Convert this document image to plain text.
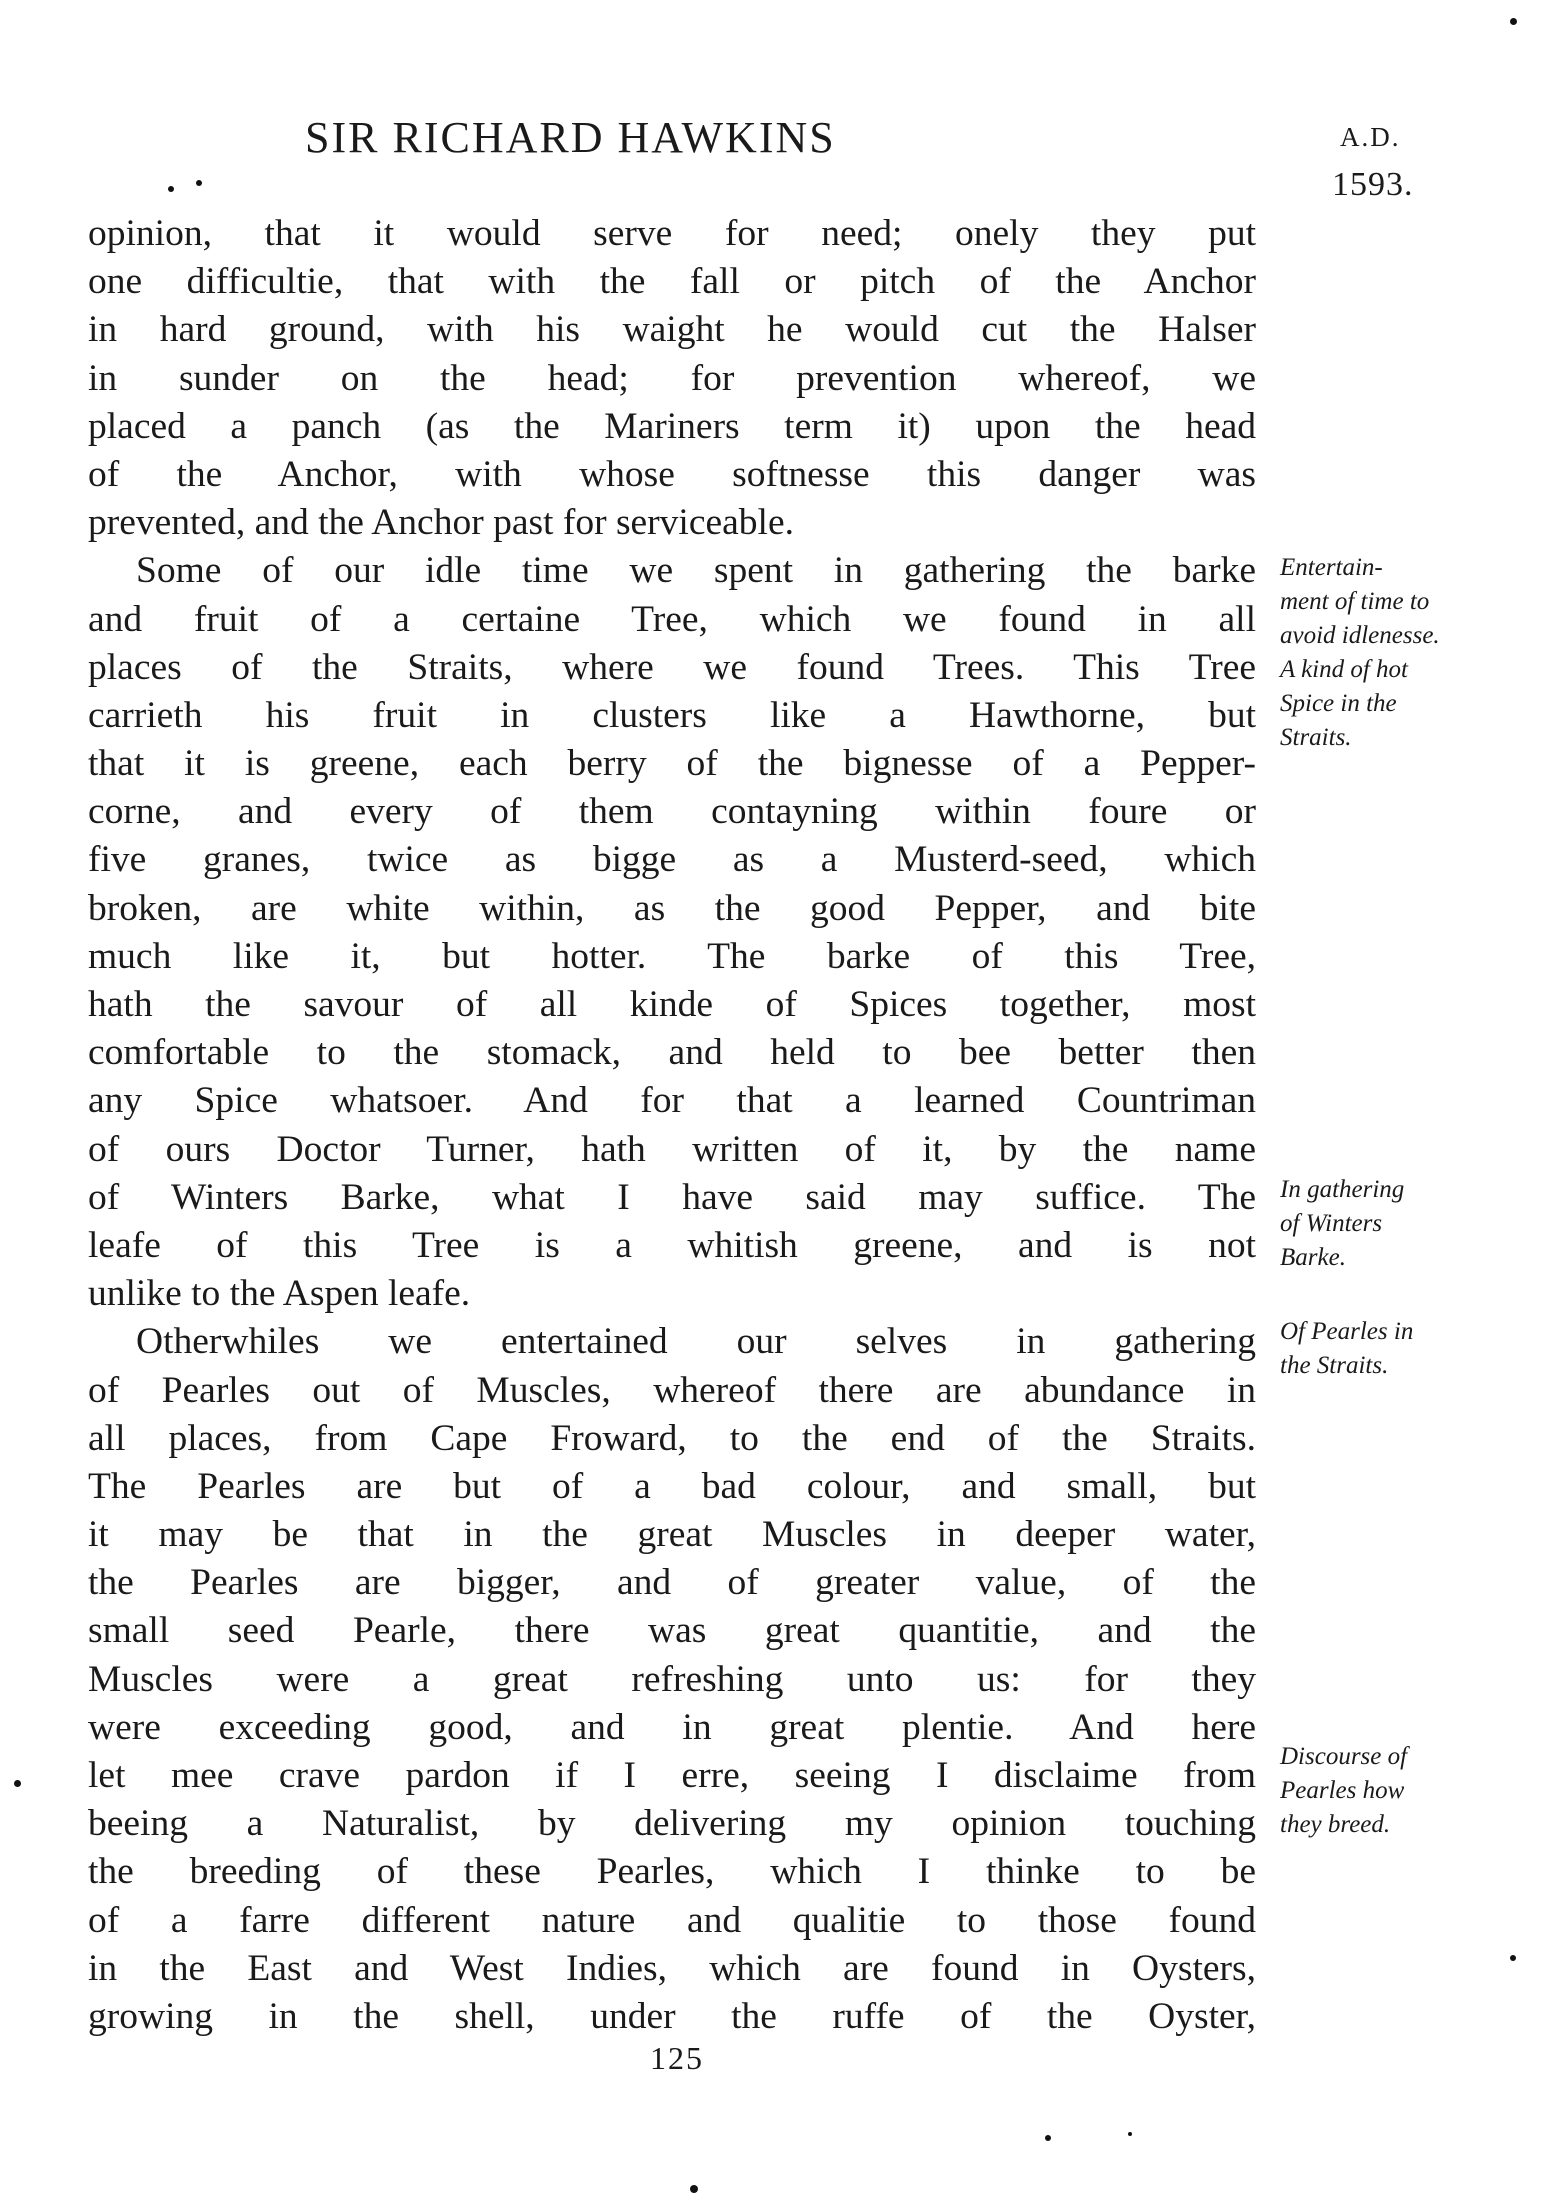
SIR RICHARD HAWKINS	A.D.
1593.
opinion, that it would serve for need; onely they put
one difficultie, that with the fall or pitch of the Anchor
in hard ground, with his waight he would cut the Halser
in sunder on the head; for prevention whereof, we
placed a panch (as the Mariners term it) upon the head
of the Anchor, with whose softnesse this danger was
prevented, and the Anchor past for serviceable.
Some of our idle time we spent in gathering the barke
and fruit of a certaine Tree, which we found in all
places of the Straits, where we found Trees. This Tree
carrieth his fruit in clusters like a Hawthorne, but
that it is greene, each berry of the bignesse of a Pepper-
corne, and every of them contayning within foure or
five granes, twice as bigge as a Musterd-seed, which
broken, are white within, as the good Pepper, and bite
much like it, but hotter. The barke of this Tree,
hath the savour of all kinde of Spices together, most
comfortable to the stomack, and held to bee better then
any Spice whatsoer. And for that a learned Countriman
of ours Doctor Turner, hath written of it, by the name
of Winters Barke, what I have said may suffice. The
leafe of this Tree is a whitish greene, and is not
unlike to the Aspen leafe.
Otherwhiles we entertained our selves in gathering
of Pearles out of Muscles, whereof there are abundance in
all places, from Cape Froward, to the end of the Straits.
The Pearles are but of a bad colour, and small, but
it may be that in the great Muscles in deeper water,
the Pearles are bigger, and of greater value, of the
small seed Pearle, there was great quantitie, and the
Muscles were a great refreshing unto us: for they
were exceeding good, and in great plentie. And here
let mee crave pardon if I erre, seeing I disclaime from
beeing a Naturalist, by delivering my opinion touching
the breeding of these Pearles, which I thinke to be
of a farre different nature and qualitie to those found
in the East and West Indies, which are found in Oysters,
growing in the shell, under the ruffe of the Oyster,
Entertain-
ment of time to
avoid idlenesse.
A kind of hot
Spice in the
Straits.
In gathering
of Winters
Barke.
Of Pearles in
the Straits.
Discourse of
Pearles how
they breed.
125
